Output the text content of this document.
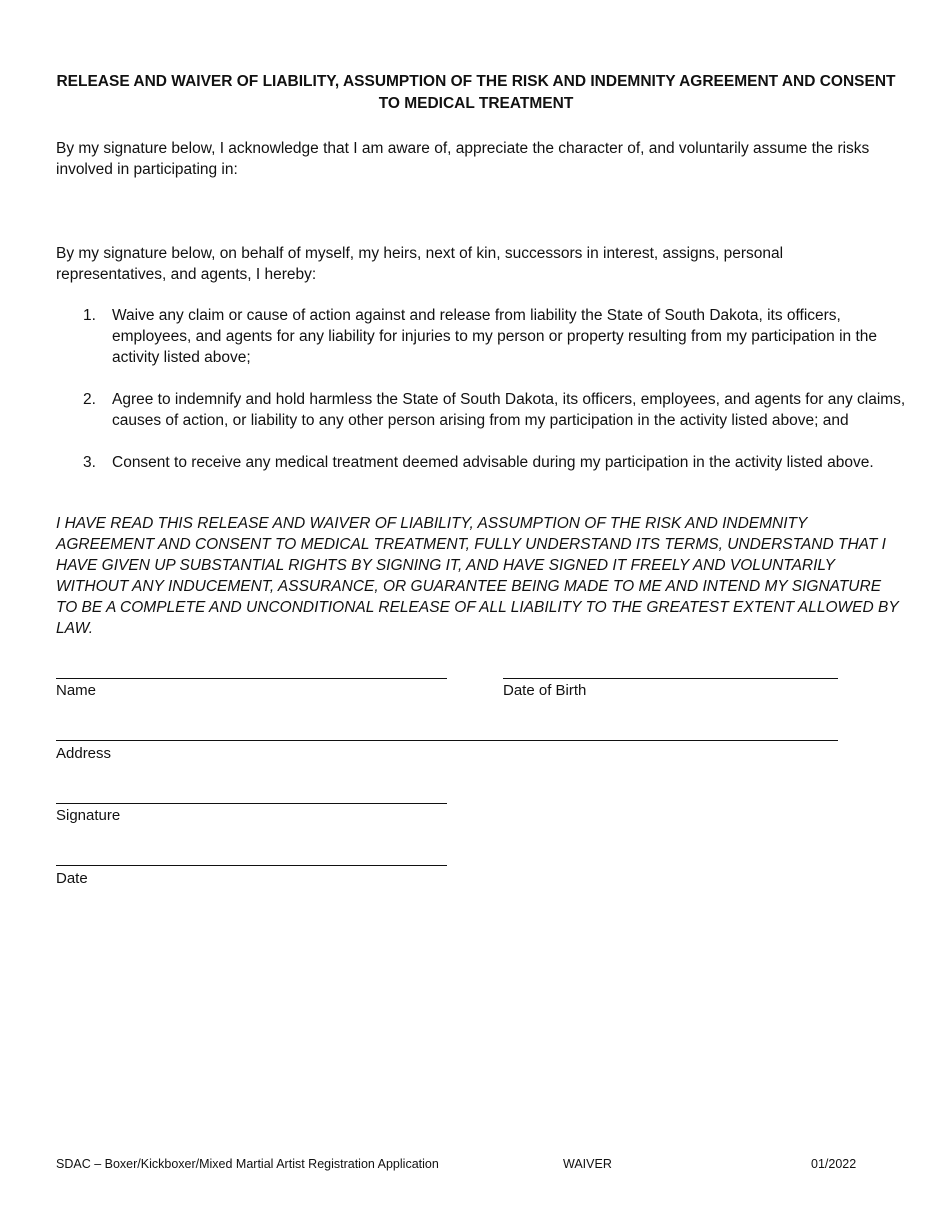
RELEASE AND WAIVER OF LIABILITY, ASSUMPTION OF THE RISK AND INDEMNITY AGREEMENT AND CONSENT TO MEDICAL TREATMENT
By my signature below, I acknowledge that I am aware of, appreciate the character of, and voluntarily assume the risks involved in participating in:
By my signature below, on behalf of myself, my heirs, next of kin, successors in interest, assigns, personal representatives, and agents, I hereby:
1. Waive any claim or cause of action against and release from liability the State of South Dakota, its officers, employees, and agents for any liability for injuries to my person or property resulting from my participation in the activity listed above;
2. Agree to indemnify and hold harmless the State of South Dakota, its officers, employees, and agents for any claims, causes of action, or liability to any other person arising from my participation in the activity listed above; and
3. Consent to receive any medical treatment deemed advisable during my participation in the activity listed above.
I HAVE READ THIS RELEASE AND WAIVER OF LIABILITY, ASSUMPTION OF THE RISK AND INDEMNITY AGREEMENT AND CONSENT TO MEDICAL TREATMENT, FULLY UNDERSTAND ITS TERMS, UNDERSTAND THAT I HAVE GIVEN UP SUBSTANTIAL RIGHTS BY SIGNING IT, AND HAVE SIGNED IT FREELY AND VOLUNTARILY WITHOUT ANY INDUCEMENT, ASSURANCE, OR GUARANTEE BEING MADE TO ME AND INTEND MY SIGNATURE TO BE A COMPLETE AND UNCONDITIONAL RELEASE OF ALL LIABILITY TO THE GREATEST EXTENT ALLOWED BY LAW.
Name	Date of Birth
Address
Signature
Date
SDAC – Boxer/Kickboxer/Mixed Martial Artist Registration Application	WAIVER	01/2022
